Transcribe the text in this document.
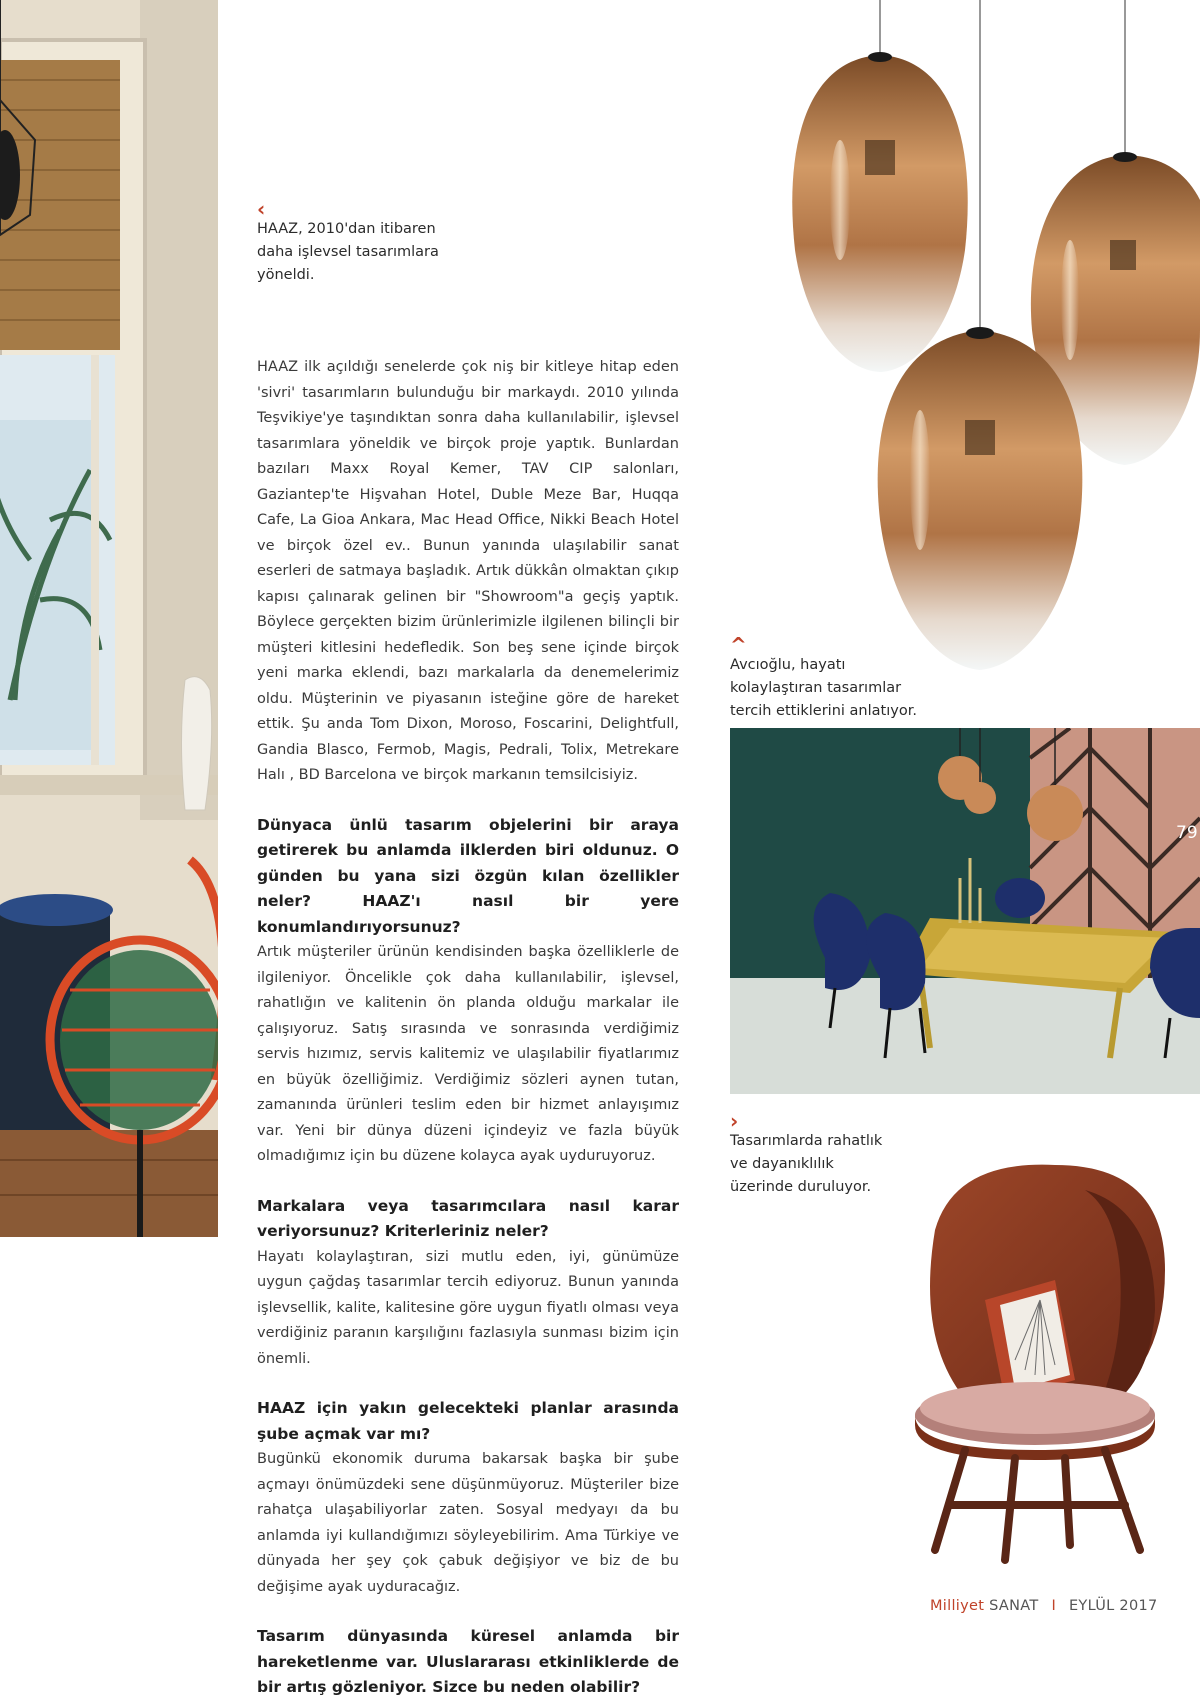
‹
HAAZ, 2010'dan itibaren daha işlevsel tasarımlara yöneldi.

HAAZ ilk açıldığı senelerde çok niş bir kitleye hitap eden 'sivri' tasarımların bulunduğu bir markaydı. 2010 yılında Teşvikiye'ye taşındıktan sonra daha kullanılabilir, işlevsel tasarımlara yöneldik ve birçok proje yaptık. Bunlardan bazıları Maxx Royal Kemer, TAV CIP salonları, Gaziantep'te Hişvahan Hotel, Duble Meze Bar, Huqqa Cafe, La Gioa Ankara, Mac Head Office, Nikki Beach Hotel ve birçok özel ev.. Bunun yanında ulaşılabilir sanat eserleri de satmaya başladık. Artık dükkân olmaktan çıkıp kapısı çalınarak gelinen bir "Showroom"a geçiş yaptık. Böylece gerçekten bizim ürünlerimizle ilgilenen bilinçli bir müşteri kitlesini hedefledik. Son beş sene içinde birçok yeni marka eklendi, bazı markalarla da denemelerimiz oldu. Müşterinin ve piyasanın isteğine göre de hareket ettik. Şu anda Tom Dixon, Moroso, Foscarini, Delightfull, Gandia Blasco, Fermob, Magis, Pedrali, Tolix, Metrekare Halı , BD Barcelona ve birçok markanın temsilcisiyiz.

Dünyaca ünlü tasarım objelerini bir araya getirerek bu anlamda ilklerden biri oldunuz. O günden bu yana sizi özgün kılan özellikler neler? HAAZ'ı nasıl bir yere konumlandırıyorsunuz?

Artık müşteriler ürünün kendisinden başka özelliklerle de ilgileniyor. Öncelikle çok daha kullanılabilir, işlevsel, rahatlığın ve kalitenin ön planda olduğu markalar ile çalışıyoruz. Satış sırasında ve sonrasında verdiğimiz servis hızımız, servis kalitemiz ve ulaşılabilir fiyatlarımız en büyük özelliğimiz. Verdiğimiz sözleri aynen tutan, zamanında ürünleri teslim eden bir hizmet anlayışımız var. Yeni bir dünya düzeni içindeyiz ve fazla büyük olmadığımız için bu düzene kolayca ayak uyduruyoruz.

Markalara veya tasarımcılara nasıl karar veriyorsunuz? Kriterleriniz neler?

Hayatı kolaylaştıran, sizi mutlu eden, iyi, günümüze uygun çağdaş tasarımlar tercih ediyoruz. Bunun yanında işlevsellik, kalite, kalitesine göre uygun fiyatlı olması veya verdiğiniz paranın karşılığını fazlasıyla sunması bizim için önemli.

HAAZ için yakın gelecekteki planlar arasında şube açmak var mı?

Bugünkü ekonomik duruma bakarsak başka bir şube açmayı önümüzdeki sene düşünmüyoruz. Müşteriler bize rahatça ulaşabiliyorlar zaten. Sosyal medyayı da bu anlamda iyi kullandığımızı söyleyebilirim. Ama Türkiye ve dünyada her şey çok çabuk değişiyor ve biz de bu değişime ayak uyduracağız.

Tasarım dünyasında küresel anlamda bir hareketlenme var. Uluslararası etkinliklerde de bir artış gözleniyor. Sizce bu neden olabilir?

^
Avcıoğlu, hayatı kolaylaştıran tasarımlar tercih ettiklerini anlatıyor.
79
›
Tasarımlarda rahatlık ve dayanıklılık üzerinde duruluyor.
Milliyet SANAT I EYLÜL 2017
